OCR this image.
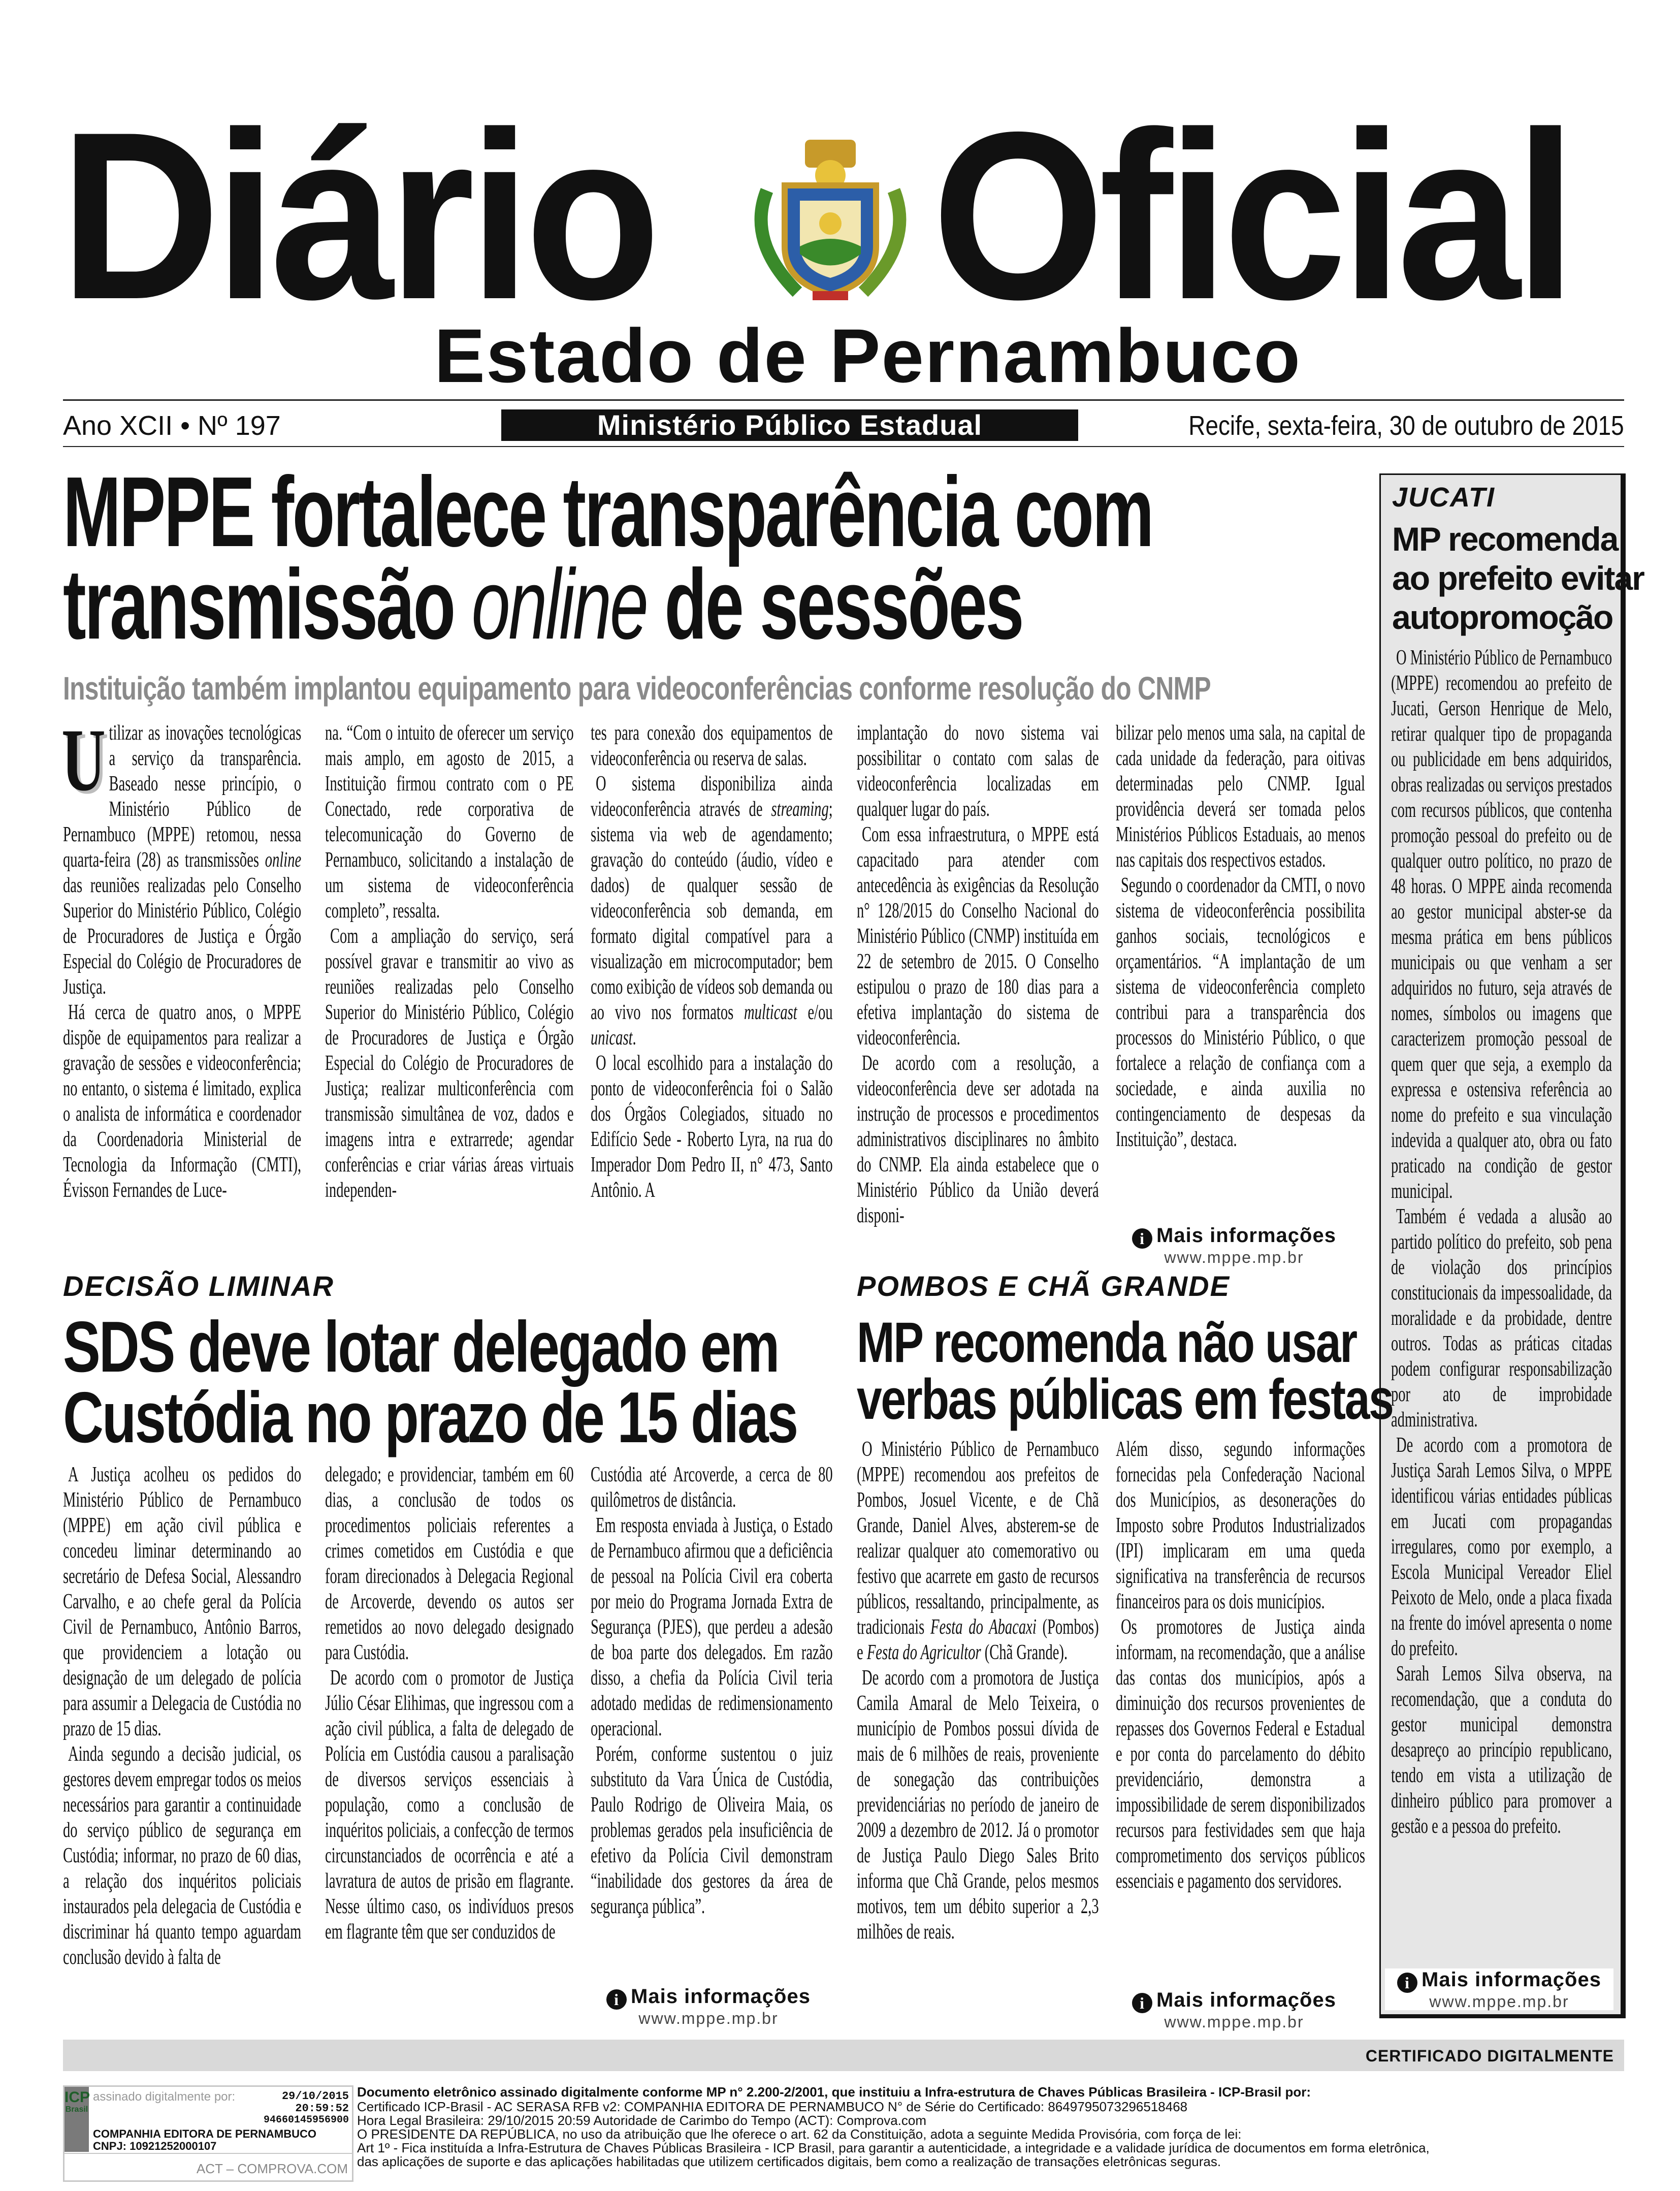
Diário Oficial
Estado de Pernambuco
Ano XCII • Nº 197	Ministério Público Estadual	Recife, sexta-feira, 30 de outubro de 2015
MPPE fortalece transparência com
transmissão online de sessões
Instituição também implantou equipamento para videoconferências conforme resolução do CNMP

Utilizar as inovações tecnológicas a serviço da transparência. Baseado nesse princípio, o Ministério Público de Pernambuco (MPPE) retomou, nessa quarta-feira (28) as transmissões online das reuniões realizadas pelo Conselho Superior do Ministério Público, Colégio de Procuradores de Justiça e Órgão Especial do Colégio de Procuradores de Justiça.

Há cerca de quatro anos, o MPPE dispõe de equipamentos para realizar a gravação de sessões e videoconferência; no entanto, o sistema é limitado, explica o analista de informática e coordenador da Coordenadoria Ministerial de Tecnologia da Informação (CMTI), Évisson Fernandes de Luce-

na. “Com o intuito de oferecer um serviço mais amplo, em agosto de 2015, a Instituição firmou contrato com o PE Conectado, rede corporativa de telecomunicação do Governo de Pernambuco, solicitando a instalação de um sistema de videoconferência completo”, ressalta.

Com a ampliação do serviço, será possível gravar e transmitir ao vivo as reuniões realizadas pelo Conselho Superior do Ministério Público, Colégio de Procuradores de Justiça e Órgão Especial do Colégio de Procuradores de Justiça; realizar multiconferência com transmissão simultânea de voz, dados e imagens intra e extrarrede; agendar conferências e criar várias áreas virtuais independen-

tes para conexão dos equipamentos de videoconferência ou reserva de salas.

O sistema disponibiliza ainda videoconferência através de streaming; sistema via web de agendamento; gravação do conteúdo (áudio, vídeo e dados) de qualquer sessão de videoconferência sob demanda, em formato digital compatível para a visualização em microcomputador; bem como exibição de vídeos sob demanda ou ao vivo nos formatos multicast e/ou unicast.

O local escolhido para a instalação do ponto de videoconferência foi o Salão dos Órgãos Colegiados, situado no Edifício Sede - Roberto Lyra, na rua do Imperador Dom Pedro II, n° 473, Santo Antônio. A

implantação do novo sistema vai possibilitar o contato com salas de videoconferência localizadas em qualquer lugar do país.

Com essa infraestrutura, o MPPE está capacitado para atender com antecedência às exigências da Resolução n° 128/2015 do Conselho Nacional do Ministério Público (CNMP) instituída em 22 de setembro de 2015. O Conselho estipulou o prazo de 180 dias para a efetiva implantação do sistema de videoconferência.

De acordo com a resolução, a videoconferência deve ser adotada na instrução de processos e procedimentos administrativos disciplinares no âmbito do CNMP. Ela ainda estabelece que o Ministério Público da União deverá disponi-

bilizar pelo menos uma sala, na capital de cada unidade da federação, para oitivas determinadas pelo CNMP. Igual providência deverá ser tomada pelos Ministérios Públicos Estaduais, ao menos nas capitais dos respectivos estados.

Segundo o coordenador da CMTI, o novo sistema de videoconferência possibilita ganhos sociais, tecnológicos e orçamentários. “A implantação de um sistema de videoconferência completo contribui para a transparência dos processos do Ministério Público, o que fortalece a relação de confiança com a sociedade, e ainda auxilia no contingenciamento de despesas da Instituição”, destaca.

i Mais informações
www.mppe.mp.br
JUCATI
MP recomenda
ao prefeito evitar
autopromoção

O Ministério Público de Pernambuco (MPPE) recomendou ao prefeito de Jucati, Gerson Henrique de Melo, retirar qualquer tipo de propaganda ou publicidade em bens adquiridos, obras realizadas ou serviços prestados com recursos públicos, que contenha promoção pessoal do prefeito ou de qualquer outro político, no prazo de 48 horas. O MPPE ainda recomenda ao gestor municipal abster-se da mesma prática em bens públicos municipais ou que venham a ser adquiridos no futuro, seja através de nomes, símbolos ou imagens que caracterizem promoção pessoal de quem quer que seja, a exemplo da expressa e ostensiva referência ao nome do prefeito e sua vinculação indevida a qualquer ato, obra ou fato praticado na condição de gestor municipal.

Também é vedada a alusão ao partido político do prefeito, sob pena de violação dos princípios constitucionais da impessoalidade, da moralidade e da probidade, dentre outros. Todas as práticas citadas podem configurar responsabilização por ato de improbidade administrativa.

De acordo com a promotora de Justiça Sarah Lemos Silva, o MPPE identificou várias entidades públicas em Jucati com propagandas irregulares, como por exemplo, a Escola Municipal Vereador Eliel Peixoto de Melo, onde a placa fixada na frente do imóvel apresenta o nome do prefeito.

Sarah Lemos Silva observa, na recomendação, que a conduta do gestor municipal demonstra desapreço ao princípio republicano, tendo em vista a utilização de dinheiro público para promover a gestão e a pessoa do prefeito.

i Mais informações
www.mppe.mp.br
DECISÃO LIMINAR
SDS deve lotar delegado em
Custódia no prazo de 15 dias

A Justiça acolheu os pedidos do Ministério Público de Pernambuco (MPPE) em ação civil pública e concedeu liminar determinando ao secretário de Defesa Social, Alessandro Carvalho, e ao chefe geral da Polícia Civil de Pernambuco, Antônio Barros, que providenciem a lotação ou designação de um delegado de polícia para assumir a Delegacia de Custódia no prazo de 15 dias.

Ainda segundo a decisão judicial, os gestores devem empregar todos os meios necessários para garantir a continuidade do serviço público de segurança em Custódia; informar, no prazo de 60 dias, a relação dos inquéritos policiais instaurados pela delegacia de Custódia e discriminar há quanto tempo aguardam conclusão devido à falta de

delegado; e providenciar, também em 60 dias, a conclusão de todos os procedimentos policiais referentes a crimes cometidos em Custódia e que foram direcionados à Delegacia Regional de Arcoverde, devendo os autos ser remetidos ao novo delegado designado para Custódia.

De acordo com o promotor de Justiça Júlio César Elihimas, que ingressou com a ação civil pública, a falta de delegado de Polícia em Custódia causou a paralisação de diversos serviços essenciais à população, como a conclusão de inquéritos policiais, a confecção de termos circunstanciados de ocorrência e até a lavratura de autos de prisão em flagrante. Nesse último caso, os indivíduos presos em flagrante têm que ser conduzidos de

Custódia até Arcoverde, a cerca de 80 quilômetros de distância.

Em resposta enviada à Justiça, o Estado de Pernambuco afirmou que a deficiência de pessoal na Polícia Civil era coberta por meio do Programa Jornada Extra de Segurança (PJES), que perdeu a adesão de boa parte dos delegados. Em razão disso, a chefia da Polícia Civil teria adotado medidas de redimensionamento operacional.

Porém, conforme sustentou o juiz substituto da Vara Única de Custódia, Paulo Rodrigo de Oliveira Maia, os problemas gerados pela insuficiência de efetivo da Polícia Civil demonstram “inabilidade dos gestores da área de segurança pública”.

i Mais informações
www.mppe.mp.br
POMBOS E CHÃ GRANDE
MP recomenda não usar
verbas públicas em festas

O Ministério Público de Pernambuco (MPPE) recomendou aos prefeitos de Pombos, Josuel Vicente, e de Chã Grande, Daniel Alves, absterem-se de realizar qualquer ato comemorativo ou festivo que acarrete em gasto de recursos públicos, ressaltando, principalmente, as tradicionais Festa do Abacaxi (Pombos) e Festa do Agricultor (Chã Grande).

De acordo com a promotora de Justiça Camila Amaral de Melo Teixeira, o município de Pombos possui dívida de mais de 6 milhões de reais, proveniente de sonegação das contribuições previdenciárias no período de janeiro de 2009 a dezembro de 2012. Já o promotor de Justiça Paulo Diego Sales Brito informa que Chã Grande, pelos mesmos motivos, tem um débito superior a 2,3 milhões de reais.

Além disso, segundo informações fornecidas pela Confederação Nacional dos Municípios, as desonerações do Imposto sobre Produtos Industrializados (IPI) implicaram em uma queda significativa na transferência de recursos financeiros para os dois municípios.

Os promotores de Justiça ainda informam, na recomendação, que a análise das contas dos municípios, após a diminuição dos recursos provenientes de repasses dos Governos Federal e Estadual e por conta do parcelamento do débito previdenciário, demonstra a impossibilidade de serem disponibilizados recursos para festividades sem que haja comprometimento dos serviços públicos essenciais e pagamento dos servidores.

i Mais informações
www.mppe.mp.br
CERTIFICADO DIGITALMENTE
ICP
Brasil
assinado digitalmente por:	29/10/2015
20:59:52
94660145956900
COMPANHIA EDITORA DE PERNAMBUCO
CNPJ: 10921252000107
ACT – COMPROVA.COM
Documento eletrônico assinado digitalmente conforme MP n° 2.200-2/2001, que instituiu a Infra-estrutura de Chaves Públicas Brasileira - ICP-Brasil por:
Certificado ICP-Brasil - AC SERASA RFB v2: COMPANHIA EDITORA DE PERNAMBUCO N° de Série do Certificado: 8649795073296518468
Hora Legal Brasileira: 29/10/2015 20:59 Autoridade de Carimbo do Tempo (ACT): Comprova.com
O PRESIDENTE DA REPÚBLICA, no uso da atribuição que lhe oferece o art. 62 da Constituição, adota a seguinte Medida Provisória, com força de lei:
Art 1º - Fica instituída a Infra-Estrutura de Chaves Públicas Brasileira - ICP Brasil, para garantir a autenticidade, a integridade e a validade jurídica de documentos em forma eletrônica,
das aplicações de suporte e das aplicações habilitadas que utilizem certificados digitais, bem como a realização de transações eletrônicas seguras.
